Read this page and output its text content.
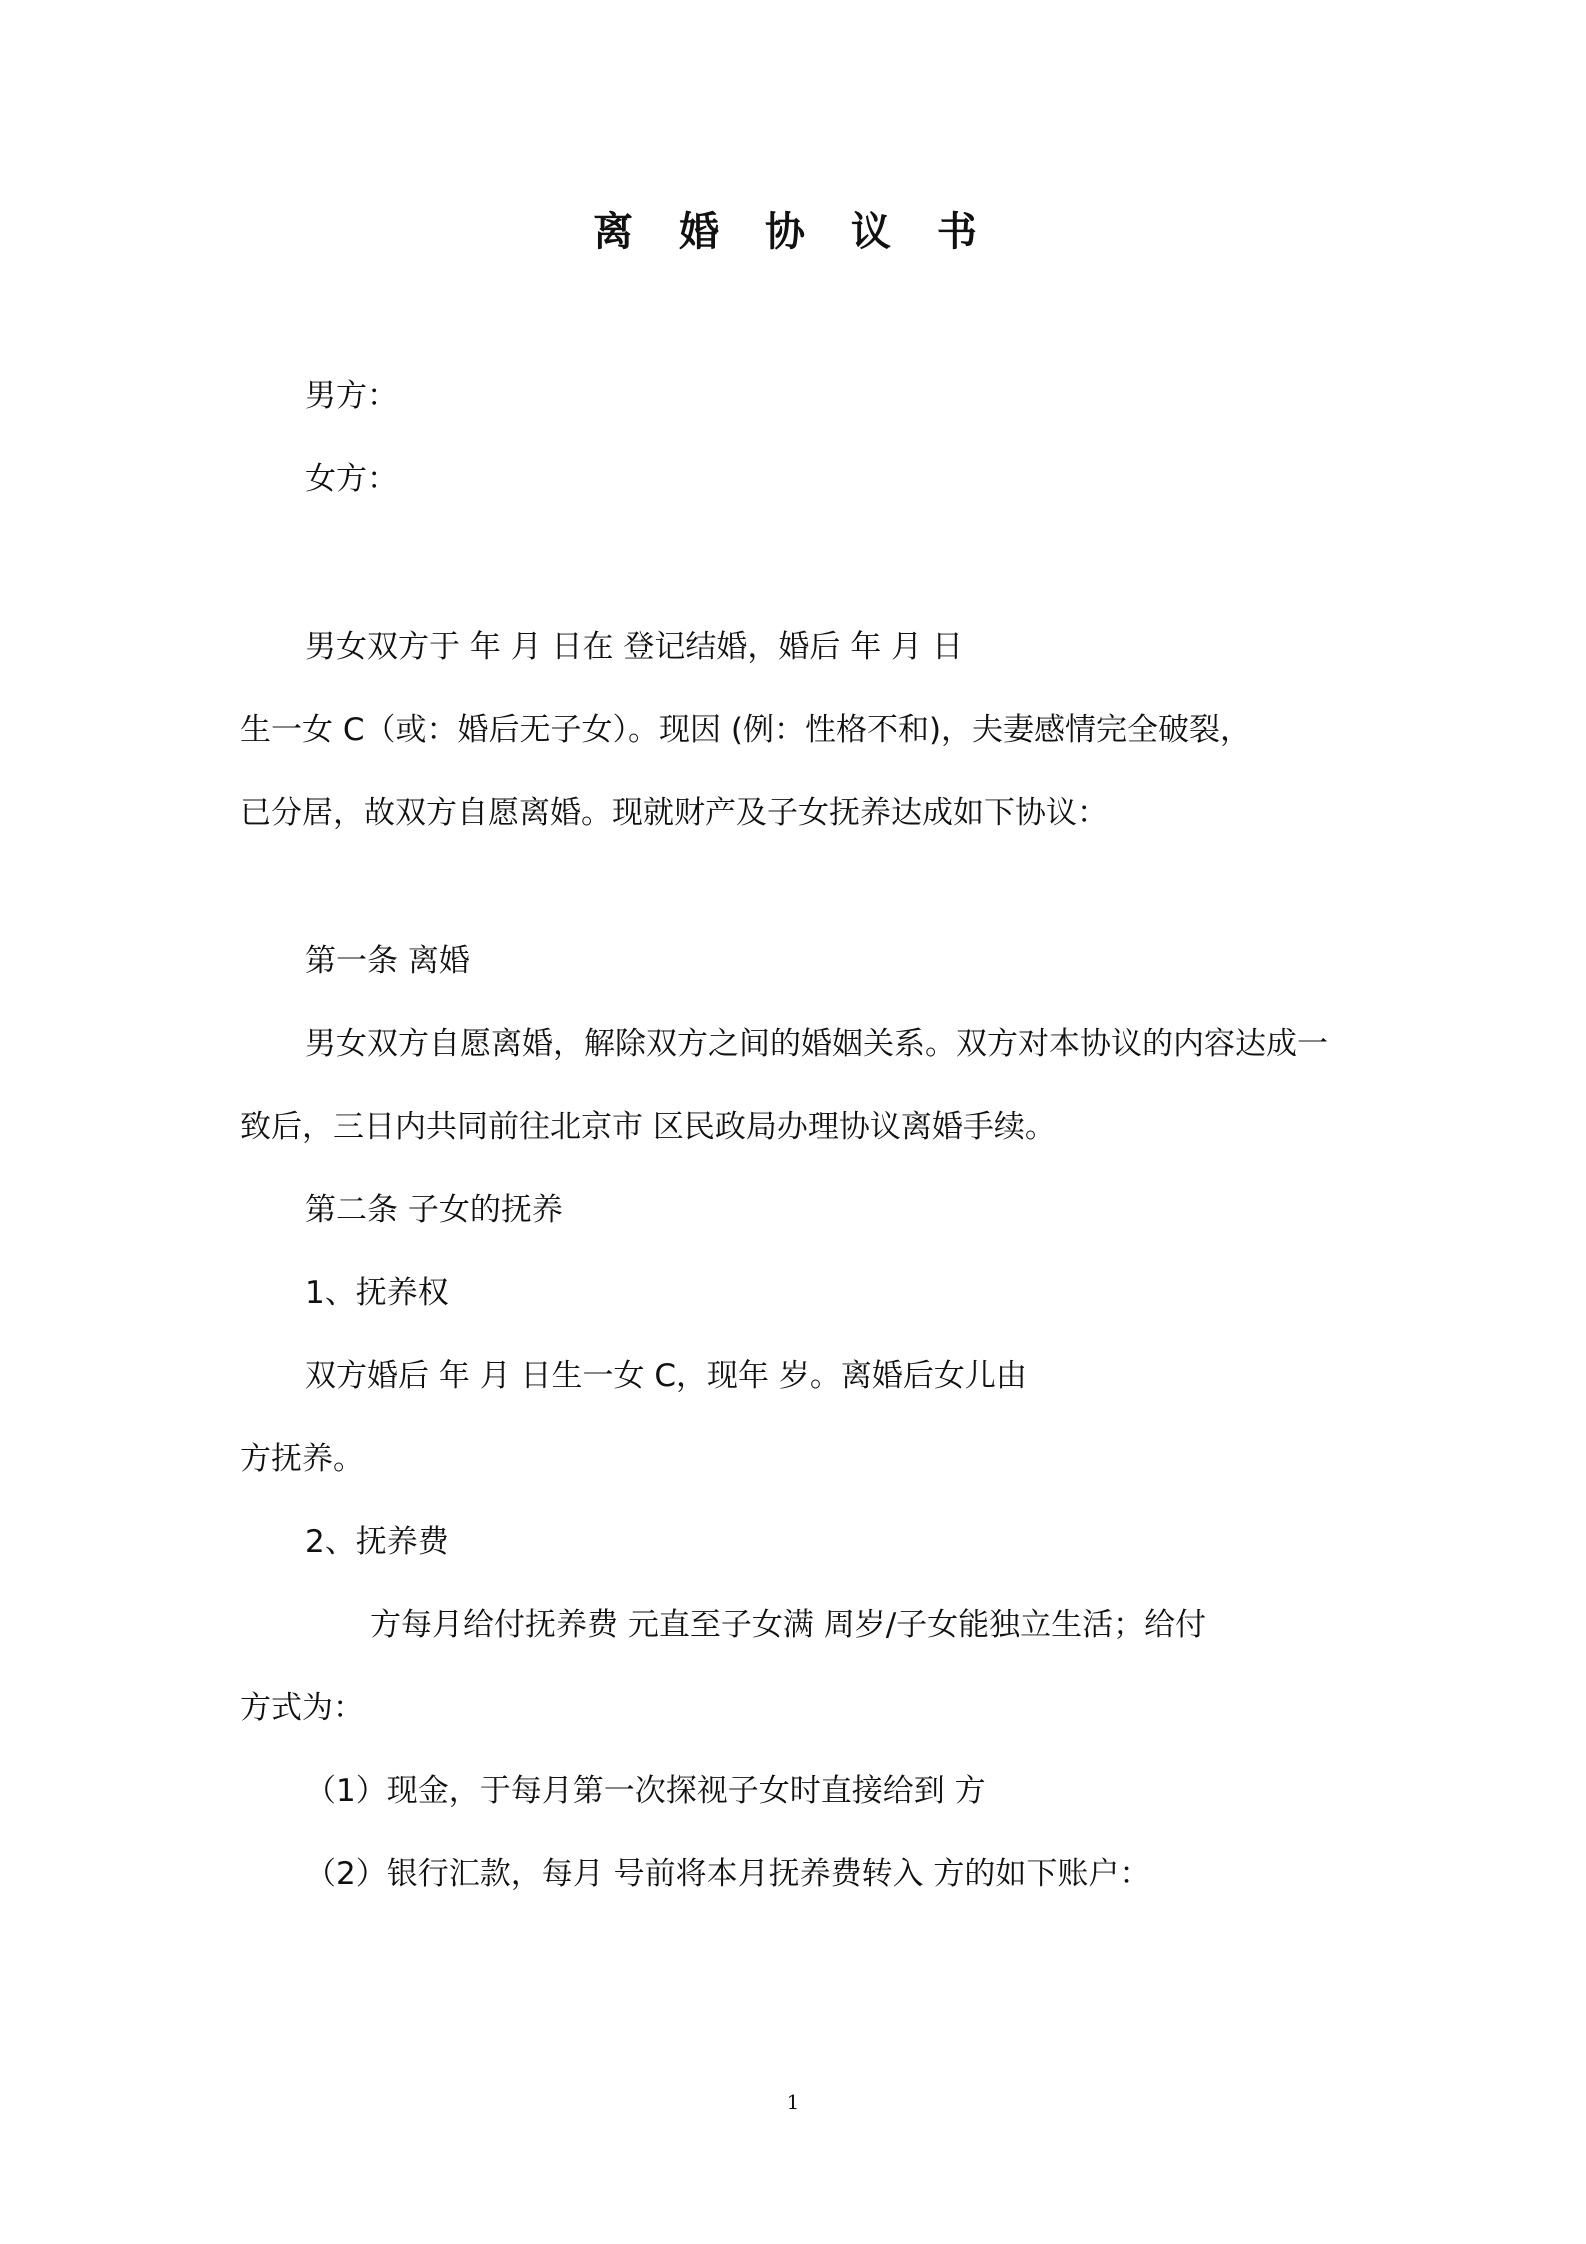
离 婚 协 议 书
男方：
女方：
男女双方于 年 月 日在 登记结婚，婚后 年 月 日
生一女 C（或：婚后无子女）。现因 (例：性格不和)，夫妻感情完全破裂，
已分居，故双方自愿离婚。现就财产及子女抚养达成如下协议：
第一条 离婚
男女双方自愿离婚，解除双方之间的婚姻关系。双方对本协议的内容达成一
致后，三日内共同前往北京市 区民政局办理协议离婚手续。
第二条 子女的抚养
1、抚养权
双方婚后 年 月 日生一女 C，现年 岁。离婚后女儿由
方抚养。
2、抚养费
方每月给付抚养费 元直至子女满 周岁/子女能独立生活；给付
方式为：
（1）现金，于每月第一次探视子女时直接给到 方
（2）银行汇款，每月 号前将本月抚养费转入 方的如下账户：
1
